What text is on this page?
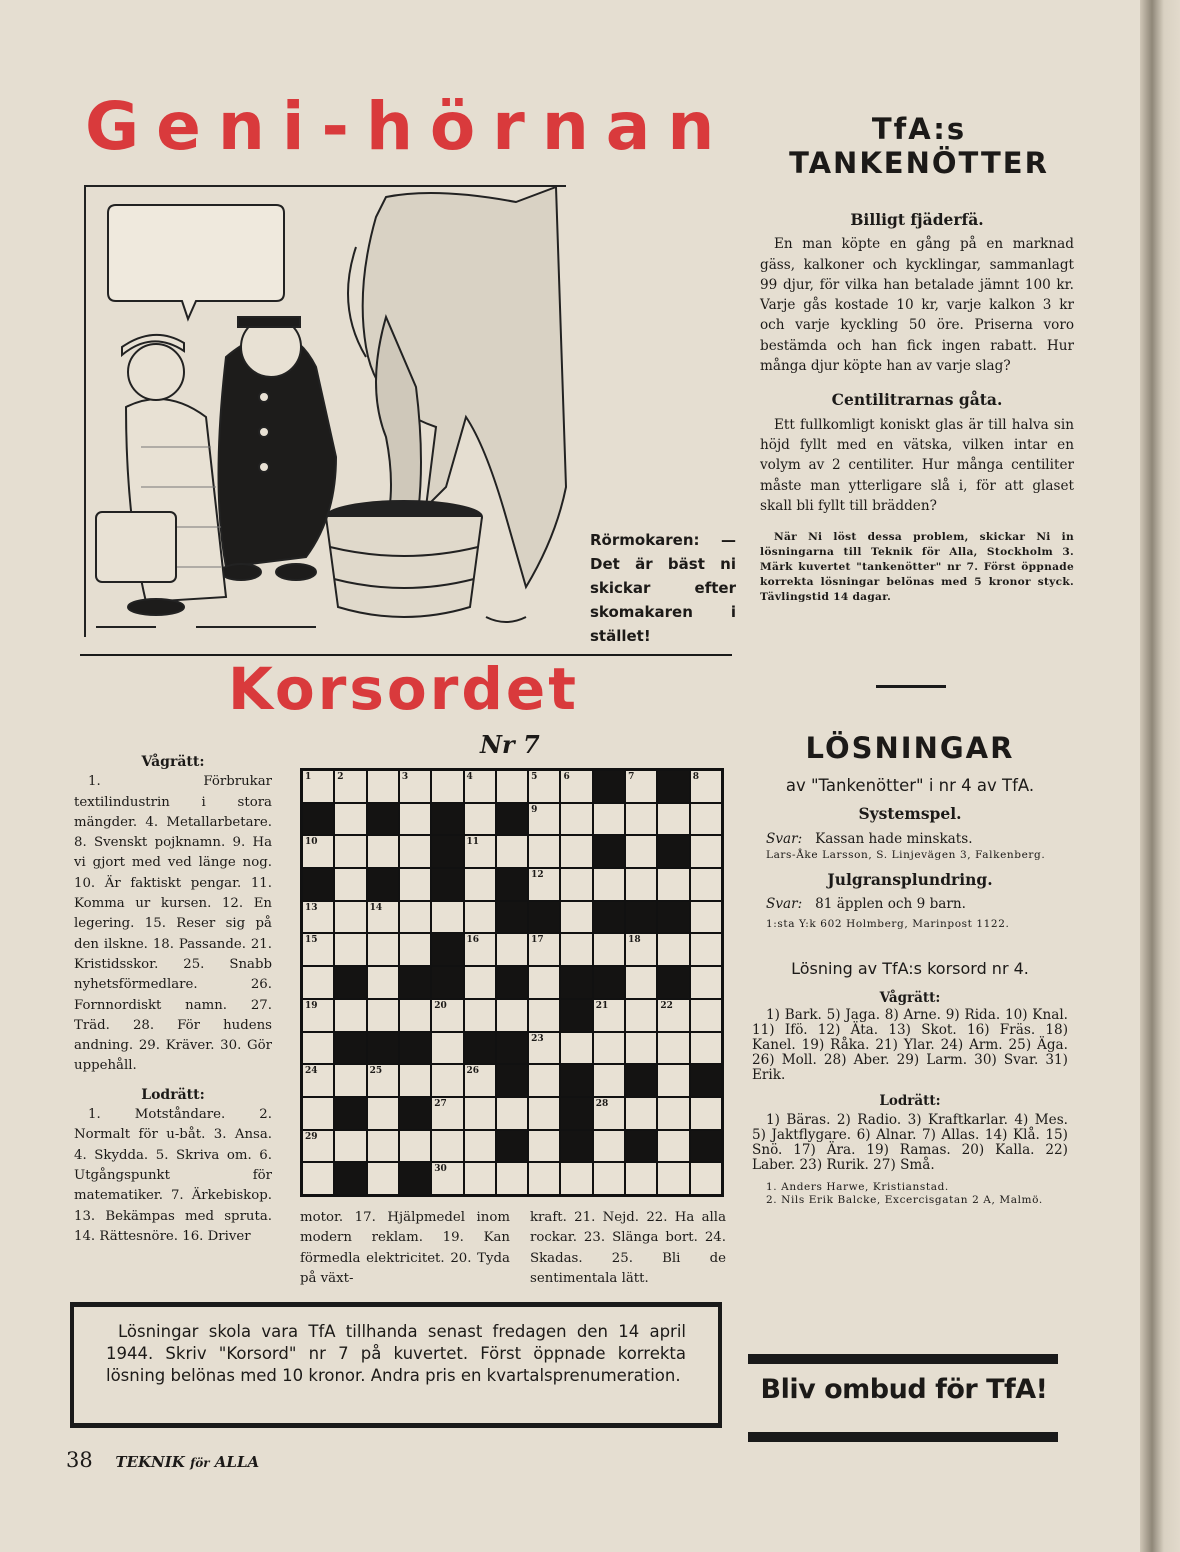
Geni-hörnan	TfA:s
TANKENÖTTER
Rörmokaren: — Det är bäst ni skickar efter skomakaren i stället!
Billigt fjäderfä.

En man köpte en gång på en marknad gäss, kalkoner och kycklingar, sammanlagt 99 djur, för vilka han betalade jämnt 100 kr. Varje gås kostade 10 kr, varje kalkon 3 kr och varje kyckling 50 öre. Priserna voro bestämda och han fick ingen rabatt. Hur många djur köpte han av varje slag?

Centilitrarnas gåta.

Ett fullkomligt koniskt glas är till halva sin höjd fyllt med en vätska, vilken intar en volym av 2 centiliter. Hur många centiliter måste man ytterligare slå i, för att glaset skall bli fyllt till brädden?

När Ni löst dessa problem, skickar Ni in lösningarna till Teknik för Alla, Stockholm 3. Märk kuvertet "tankenötter" nr 7. Först öppnade korrekta lösningar belönas med 5 kronor styck. Tävlingstid 14 dagar.

Korsordet
Nr 7
Vågrätt:

1. Förbrukar textilindustrin i stora mängder. 4. Metallarbetare. 8. Svenskt pojknamn. 9. Ha vi gjort med ved länge nog. 10. Är faktiskt pengar. 11. Komma ur kursen. 12. En legering. 15. Reser sig på den ilskne. 18. Passande. 21. Kristidsskor. 25. Snabb nyhetsförmedlare. 26. Fornnordiskt namn. 27. Träd. 28. För hudens andning. 29. Kräver. 30. Gör uppehåll.

Lodrätt:

1. Motståndare. 2. Normalt för u-båt. 3. Ansa. 4. Skydda. 5. Skriva om. 6. Utgångspunkt för matematiker. 7. Ärkebiskop. 13. Bekämpas med spruta. 14. Rättesnöre. 16. Driver

motor. 17. Hjälpmedel inom modern reklam. 19. Kan förmedla elektricitet. 20. Tyda på växt-
kraft. 21. Nejd. 22. Ha alla rockar. 23. Slänga bort. 24. Skadas. 25. Bli de sentimentala lätt.
1	2	3	4	5	6	7	8
9
10	11
12
13	14
15	16	17	18
19	20	21	22
23
24	25	26
27	28
29
30

Lösningar skola vara TfA tillhanda senast fredagen den 14 april 1944. Skriv "Korsord" nr 7 på kuvertet. Först öppnade korrekta lösning belönas med 10 kronor. Andra pris en kvartalsprenumeration.

38 TEKNIK för ALLA
LÖSNINGAR
av "Tankenötter" i nr 4 av TfA.
Systemspel.
Svar: Kassan hade minskats.

Lars-Åke Larsson, S. Linjevägen 3, Falkenberg.

Julgransplundring.
Svar: 81 äpplen och 9 barn.

1:sta Y:k 602 Holmberg, Marinpost 1122.

Lösning av TfA:s korsord nr 4.
Vågrätt:

1) Bark. 5) Jaga. 8) Arne. 9) Rida. 10) Knal. 11) Ifö. 12) Äta. 13) Skot. 16) Fräs. 18) Kanel. 19) Råka. 21) Ylar. 24) Arm. 25) Äga. 26) Moll. 28) Aber. 29) Larm. 30) Svar. 31) Erik.

Lodrätt:

1) Bäras. 2) Radio. 3) Kraftkarlar. 4) Mes. 5) Jaktflygare. 6) Alnar. 7) Allas. 14) Klå. 15) Snö. 17) Ära. 19) Ramas. 20) Kalla. 22) Laber. 23) Rurik. 27) Små.

1. Anders Harwe, Kristianstad.

2. Nils Erik Balcke, Excercisgatan 2 A, Malmö.

Bliv ombud för TfA!
